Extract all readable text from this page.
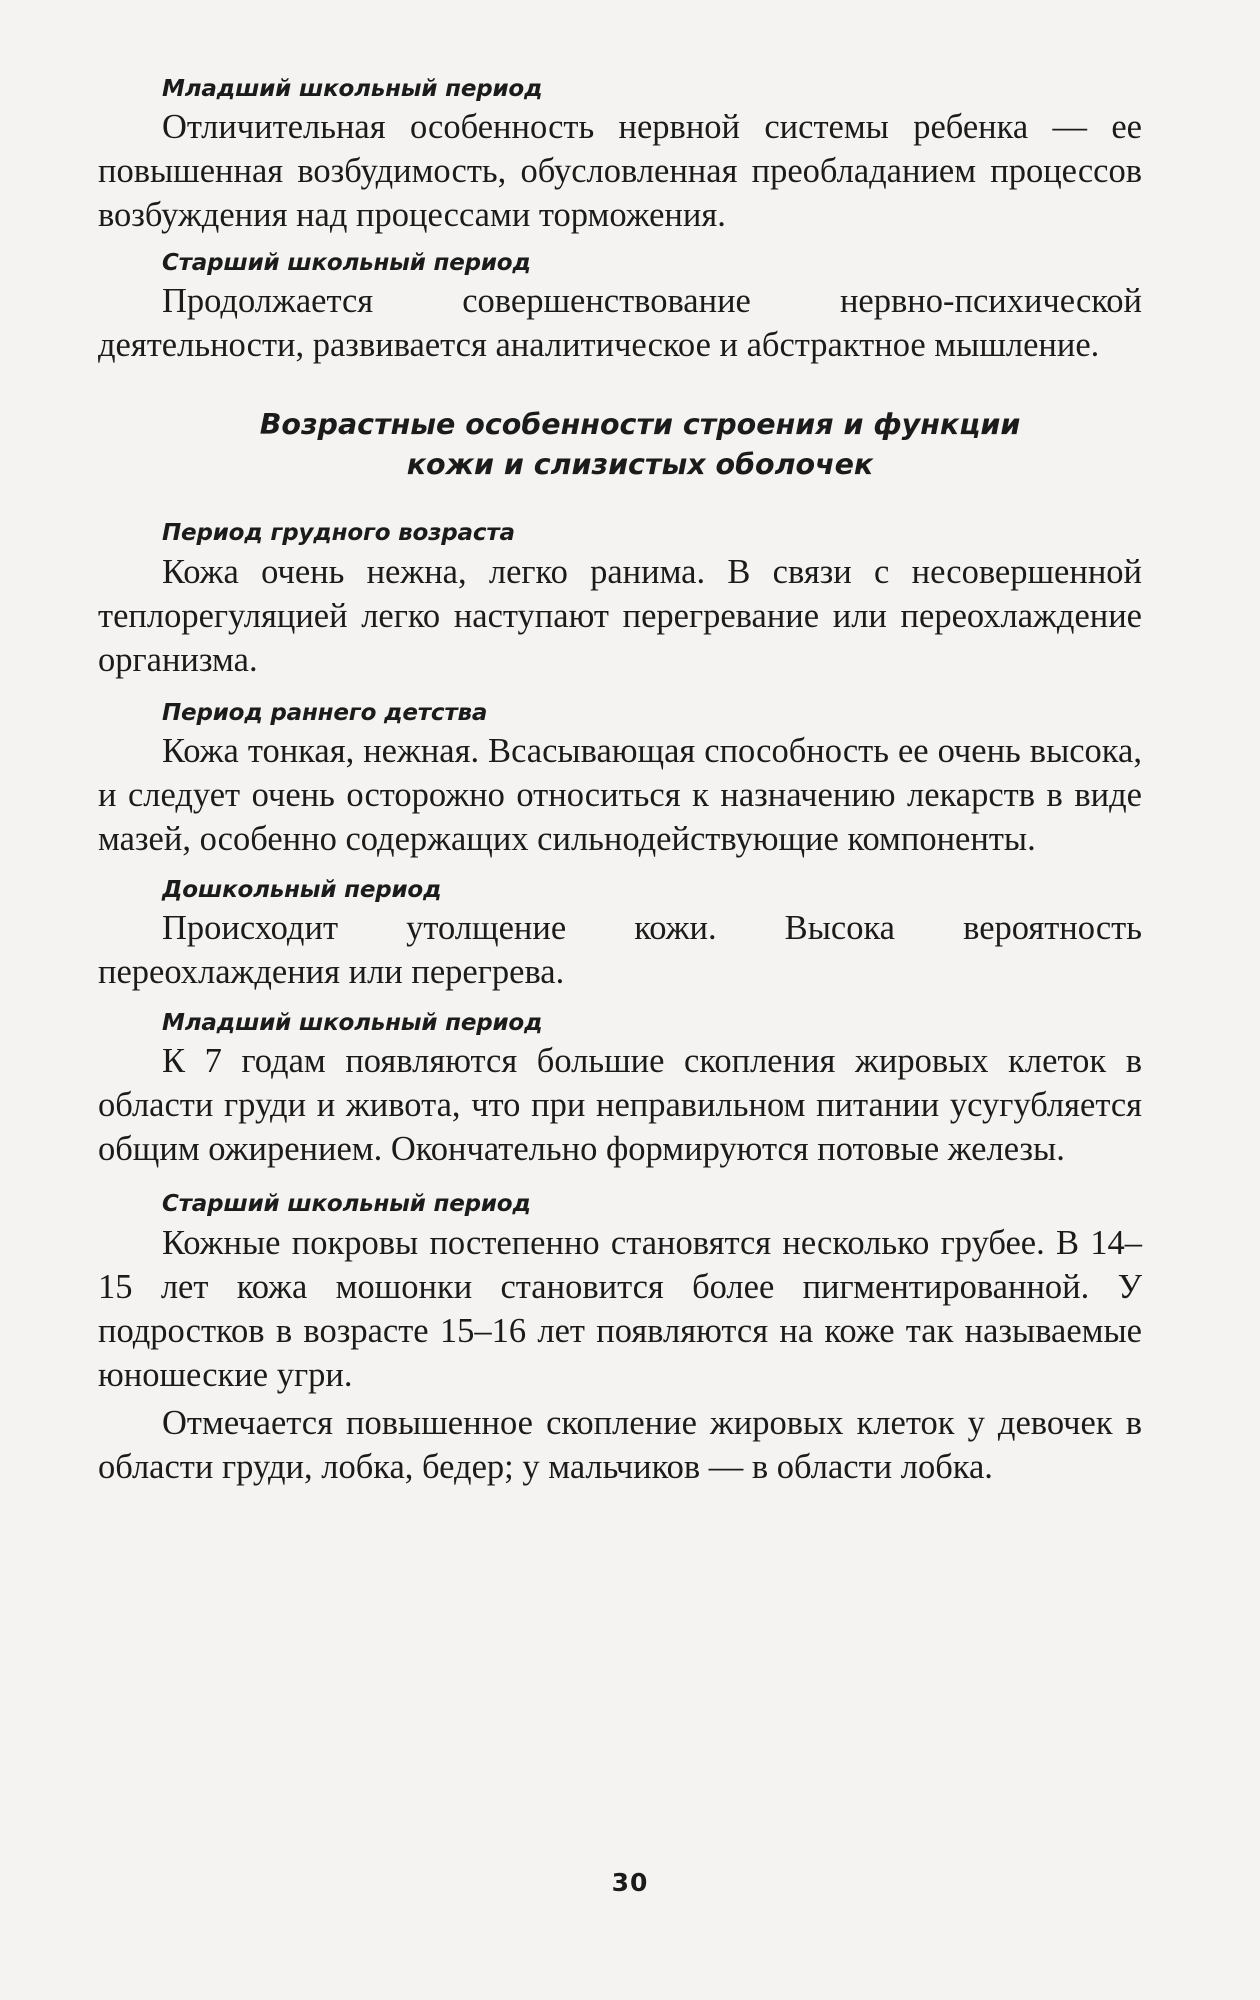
Младший школьный период

Отличительная особенность нервной системы ребенка — ее повышенная возбудимость, обусловленная преобладанием процессов возбуждения над процессами торможения.

Старший школьный период

Продолжается совершенствование нервно-психической деятельности, развивается аналитическое и абстрактное мышление.

Возрастные особенности строения и функции

кожи и слизистых оболочек

Период грудного возраста

Кожа очень нежна, легко ранима. В связи с несовершенной теплорегуляцией легко наступают перегревание или переохлаждение организма.

Период раннего детства

Кожа тонкая, нежная. Всасывающая способность ее очень высока, и следует очень осторожно относиться к назначению лекарств в виде мазей, особенно содержащих сильнодействующие компоненты.

Дошкольный период

Происходит утолщение кожи. Высока вероятность переохлаждения или перегрева.

Младший школьный период

К 7 годам появляются большие скопления жировых клеток в области груди и живота, что при неправильном питании усугубляется общим ожирением. Окончательно формируются потовые железы.

Старший школьный период

Кожные покровы постепенно становятся несколько грубее. В 14–15 лет кожа мошонки становится более пигментированной. У подростков в возрасте 15–16 лет появляются на коже так называемые юношеские угри.

Отмечается повышенное скопление жировых клеток у девочек в области груди, лобка, бедер; у мальчиков — в области лобка.

30
